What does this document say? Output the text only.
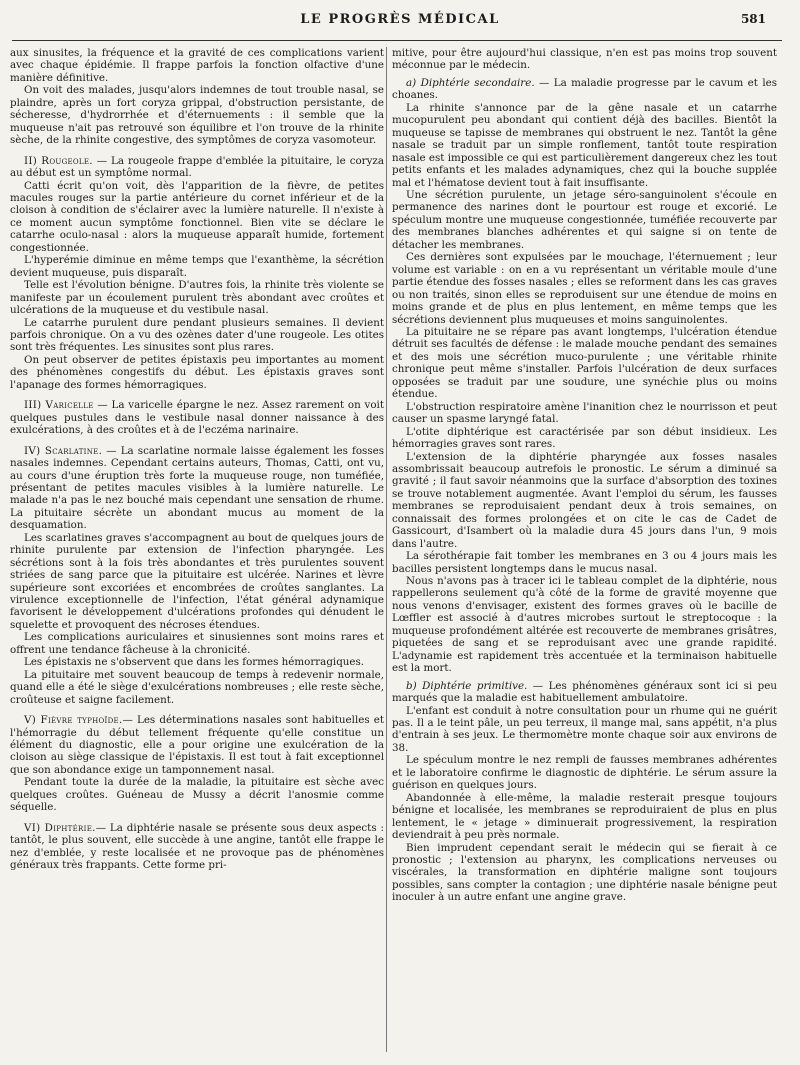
LE PROGRÈS MÉDICAL	581

aux sinusites, la fréquence et la gravité de ces complications varient avec chaque épidémie. Il frappe parfois la fonction olfactive d'une manière définitive.

On voit des malades, jusqu'alors indemnes de tout trouble nasal, se plaindre, après un fort coryza grippal, d'obstruction persistante, de sécheresse, d'hydrorrhée et d'éternuements : il semble que la muqueuse n'ait pas retrouvé son équilibre et l'on trouve de la rhinite sèche, de la rhinite congestive, des symptômes de coryza vasomoteur.

II) Rougeole. — La rougeole frappe d'emblée la pituitaire, le coryza au début est un symptôme normal.

Catti écrit qu'on voit, dès l'apparition de la fièvre, de petites macules rouges sur la partie antérieure du cornet inférieur et de la cloison à condition de s'éclairer avec la lumière naturelle. Il n'existe à ce moment aucun symptôme fonctionnel. Bien vite se déclare le catarrhe oculo-nasal : alors la muqueuse apparaît humide, fortement congestionnée.

L'hyperémie diminue en même temps que l'exanthème, la sécrétion devient muqueuse, puis disparaît.

Telle est l'évolution bénigne. D'autres fois, la rhinite très violente se manifeste par un écoulement purulent très abondant avec croûtes et ulcérations de la muqueuse et du vestibule nasal.

Le catarrhe purulent dure pendant plusieurs semaines. Il devient parfois chronique. On a vu des ozènes dater d'une rougeole. Les otites sont très fréquentes. Les sinusites sont plus rares.

On peut observer de petites épistaxis peu importantes au moment des phénomènes congestifs du début. Les épistaxis graves sont l'apanage des formes hémorragiques.

III) Varicelle — La varicelle épargne le nez. Assez rarement on voit quelques pustules dans le vestibule nasal donner naissance à des exulcérations, à des croûtes et à de l'eczéma narinaire.

IV) Scarlatine. — La scarlatine normale laisse également les fosses nasales indemnes. Cependant certains auteurs, Thomas, Catti, ont vu, au cours d'une éruption très forte la muqueuse rouge, non tuméfiée, présentant de petites macules visibles à la lumière naturelle. Le malade n'a pas le nez bouché mais cependant une sensation de rhume. La pituitaire sécrète un abondant mucus au moment de la desquamation.

Les scarlatines graves s'accompagnent au bout de quelques jours de rhinite purulente par extension de l'infection pharyngée. Les sécrétions sont à la fois très abondantes et très purulentes souvent striées de sang parce que la pituitaire est ulcérée. Narines et lèvre supérieure sont excoriées et encombrées de croûtes sanglantes. La virulence exceptionnelle de l'infection, l'état général adynamique favorisent le développement d'ulcérations profondes qui dénudent le squelette et provoquent des nécroses étendues.

Les complications auriculaires et sinusiennes sont moins rares et offrent une tendance fâcheuse à la chronicité.

Les épistaxis ne s'observent que dans les formes hémorragiques.

La pituitaire met souvent beaucoup de temps à redevenir normale, quand elle a été le siège d'exulcérations nombreuses ; elle reste sèche, croûteuse et saigne facilement.

V) Fièvre typhoïde.— Les déterminations nasales sont habituelles et l'hémorragie du début tellement fréquente qu'elle constitue un élément du diagnostic, elle a pour origine une exulcération de la cloison au siège classique de l'épistaxis. Il est tout à fait exceptionnel que son abondance exige un tamponnement nasal.

Pendant toute la durée de la maladie, la pituitaire est sèche avec quelques croûtes. Guéneau de Mussy a décrit l'anosmie comme séquelle.

VI) Diphtérie.— La diphtérie nasale se présente sous deux aspects : tantôt, le plus souvent, elle succède à une angine, tantôt elle frappe le nez d'emblée, y reste localisée et ne provoque pas de phénomènes généraux très frappants. Cette forme pri-

mitive, pour être aujourd'hui classique, n'en est pas moins trop souvent méconnue par le médecin.

a) Diphtérie secondaire. — La maladie progresse par le cavum et les choanes.

La rhinite s'annonce par de la gêne nasale et un catarrhe mucopurulent peu abondant qui contient déjà des bacilles. Bientôt la muqueuse se tapisse de membranes qui obstruent le nez. Tantôt la gêne nasale se traduit par un simple ronflement, tantôt toute respiration nasale est impossible ce qui est particulièrement dangereux chez les tout petits enfants et les malades adynamiques, chez qui la bouche supplée mal et l'hématose devient tout à fait insuffisante.

Une sécrétion purulente, un jetage séro-sanguinolent s'écoule en permanence des narines dont le pourtour est rouge et excorié. Le spéculum montre une muqueuse congestionnée, tuméfiée recouverte par des membranes blanches adhérentes et qui saigne si on tente de détacher les membranes.

Ces dernières sont expulsées par le mouchage, l'éternuement ; leur volume est variable : on en a vu représentant un véritable moule d'une partie étendue des fosses nasales ; elles se reforment dans les cas graves ou non traités, sinon elles se reproduisent sur une étendue de moins en moins grande et de plus en plus lentement, en même temps que les sécrétions deviennent plus muqueuses et moins sanguinolentes.

La pituitaire ne se répare pas avant longtemps, l'ulcération étendue détruit ses facultés de défense : le malade mouche pendant des semaines et des mois une sécrétion muco-purulente ; une véritable rhinite chronique peut même s'installer. Parfois l'ulcération de deux surfaces opposées se traduit par une soudure, une synéchie plus ou moins étendue.

L'obstruction respiratoire amène l'inanition chez le nourrisson et peut causer un spasme laryngé fatal.

L'otite diphtérique est caractérisée par son début insidieux. Les hémorragies graves sont rares.

L'extension de la diphtérie pharyngée aux fosses nasales assombrissait beaucoup autrefois le pronostic. Le sérum a diminué sa gravité ; il faut savoir néanmoins que la surface d'absorption des toxines se trouve notablement augmentée. Avant l'emploi du sérum, les fausses membranes se reproduisaient pendant deux à trois semaines, on connaissait des formes prolongées et on cite le cas de Cadet de Gassicourt, d'Isambert où la maladie dura 45 jours dans l'un, 9 mois dans l'autre.

La sérothérapie fait tomber les membranes en 3 ou 4 jours mais les bacilles persistent longtemps dans le mucus nasal.

Nous n'avons pas à tracer ici le tableau complet de la diphtérie, nous rappellerons seulement qu'à côté de la forme de gravité moyenne que nous venons d'envisager, existent des formes graves où le bacille de Lœffler est associé à d'autres microbes surtout le streptocoque : la muqueuse profondément altérée est recouverte de membranes grisâtres, piquetées de sang et se reproduisant avec une grande rapidité. L'adynamie est rapidement très accentuée et la terminaison habituelle est la mort.

b) Diphtérie primitive. — Les phénomènes généraux sont ici si peu marqués que la maladie est habituellement ambulatoire.

L'enfant est conduit à notre consultation pour un rhume qui ne guérit pas. Il a le teint pâle, un peu terreux, il mange mal, sans appétit, n'a plus d'entrain à ses jeux. Le thermomètre monte chaque soir aux environs de 38.

Le spéculum montre le nez rempli de fausses membranes adhérentes et le laboratoire confirme le diagnostic de diphtérie. Le sérum assure la guérison en quelques jours.

Abandonnée à elle-même, la maladie resterait presque toujours bénigne et localisée, les membranes se reproduiraient de plus en plus lentement, le « jetage » diminuerait progressivement, la respiration deviendrait à peu près normale.

Bien imprudent cependant serait le médecin qui se fierait à ce pronostic ; l'extension au pharynx, les complications nerveuses ou viscérales, la transformation en diphtérie maligne sont toujours possibles, sans compter la contagion ; une diphtérie nasale bénigne peut inoculer à un autre enfant une angine grave.
